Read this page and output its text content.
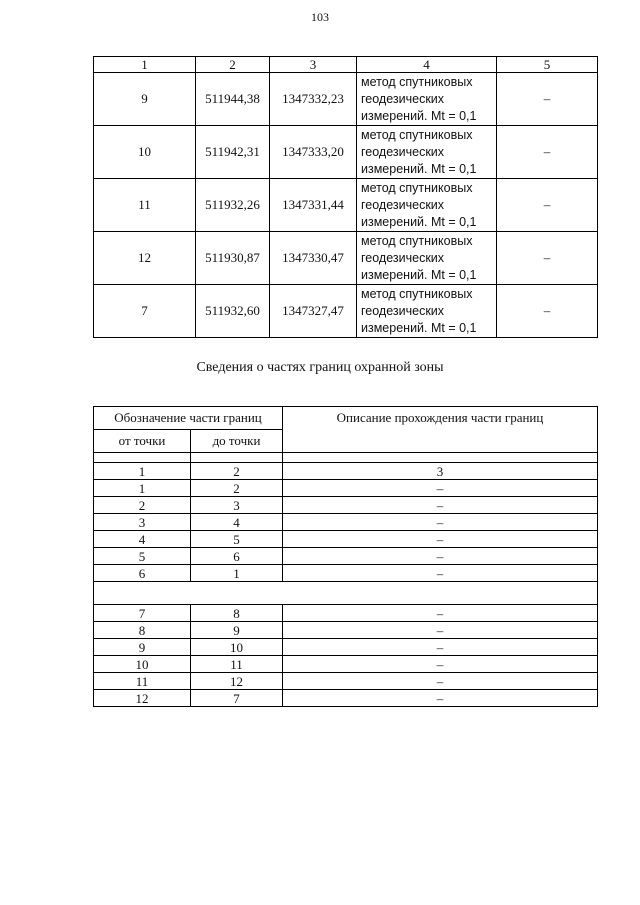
103
1	2	3	4	5
9	511944,38	1347332,23	метод спутниковых
геодезических
измерений. Mt = 0,1	–
10	511942,31	1347333,20	метод спутниковых
геодезических
измерений. Mt = 0,1	–
11	511932,26	1347331,44	метод спутниковых
геодезических
измерений. Mt = 0,1	–
12	511930,87	1347330,47	метод спутниковых
геодезических
измерений. Mt = 0,1	–
7	511932,60	1347327,47	метод спутниковых
геодезических
измерений. Mt = 0,1	–
Сведения о частях границ охранной зоны
Обозначение части границ		Описание прохождения части границ
от точки	до точки	

1	2	3
1	2	–
2	3	–
3	4	–
4	5	–
5	6	–
6	1	–

7	8	–
8	9	–
9	10	–
10	11	–
11	12	–
12	7	–
